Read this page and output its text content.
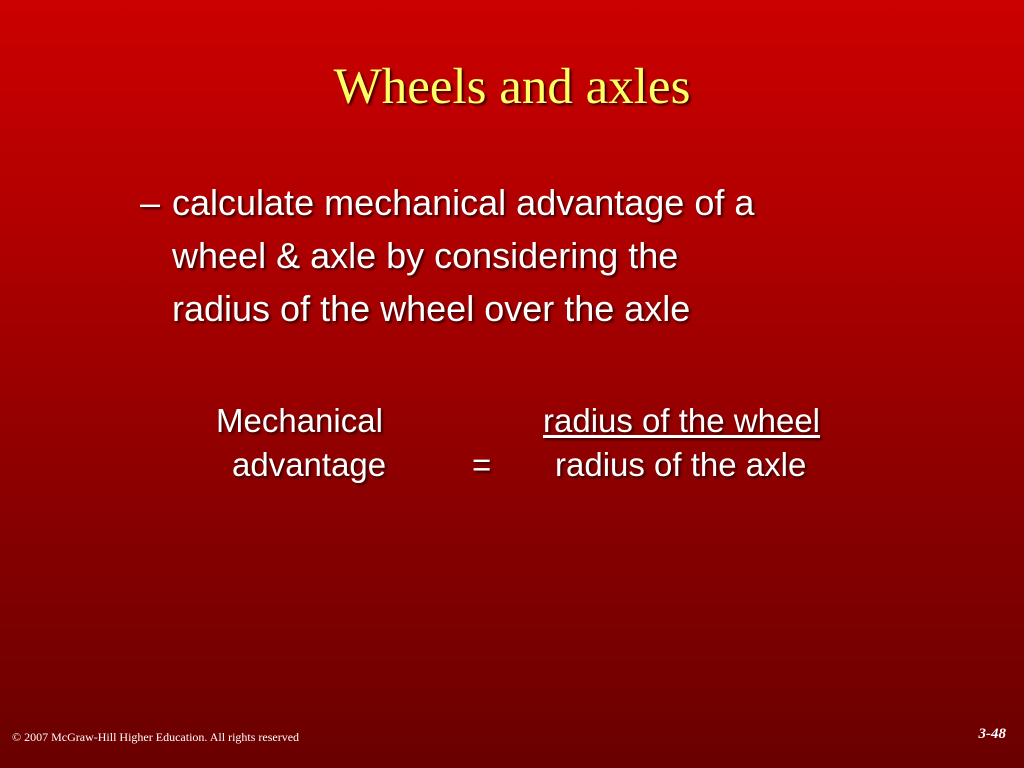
Wheels and axles
– calculate mechanical advantage of a
wheel & axle by considering the
radius of the wheel over the axle
Mechanical
advantage	=
radius of the wheel
radius of the axle
© 2007 McGraw-Hill Higher Education. All rights reserved	3-48
